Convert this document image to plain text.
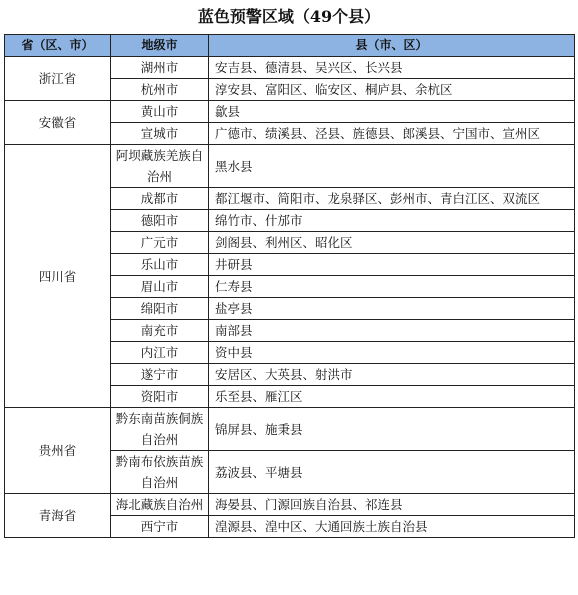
蓝色预警区域（49个县）
省（区、市）	地级市	县（市、区）
浙江省	湖州市	安吉县、德清县、吴兴区、长兴县
	杭州市	淳安县、富阳区、临安区、桐庐县、余杭区
安徽省	黄山市	歙县
	宣城市	广德市、绩溪县、泾县、旌德县、郎溪县、宁国市、宣州区
四川省	阿坝藏族羌族自治州	黑水县
	成都市	都江堰市、简阳市、龙泉驿区、彭州市、青白江区、双流区
	德阳市	绵竹市、什邡市
	广元市	剑阁县、利州区、昭化区
	乐山市	井研县
	眉山市	仁寿县
	绵阳市	盐亭县
	南充市	南部县
	内江市	资中县
	遂宁市	安居区、大英县、射洪市
	资阳市	乐至县、雁江区
贵州省	黔东南苗族侗族自治州	锦屏县、施秉县
	黔南布依族苗族自治州	荔波县、平塘县
青海省	海北藏族自治州	海晏县、门源回族自治县、祁连县
	西宁市	湟源县、湟中区、大通回族土族自治县
